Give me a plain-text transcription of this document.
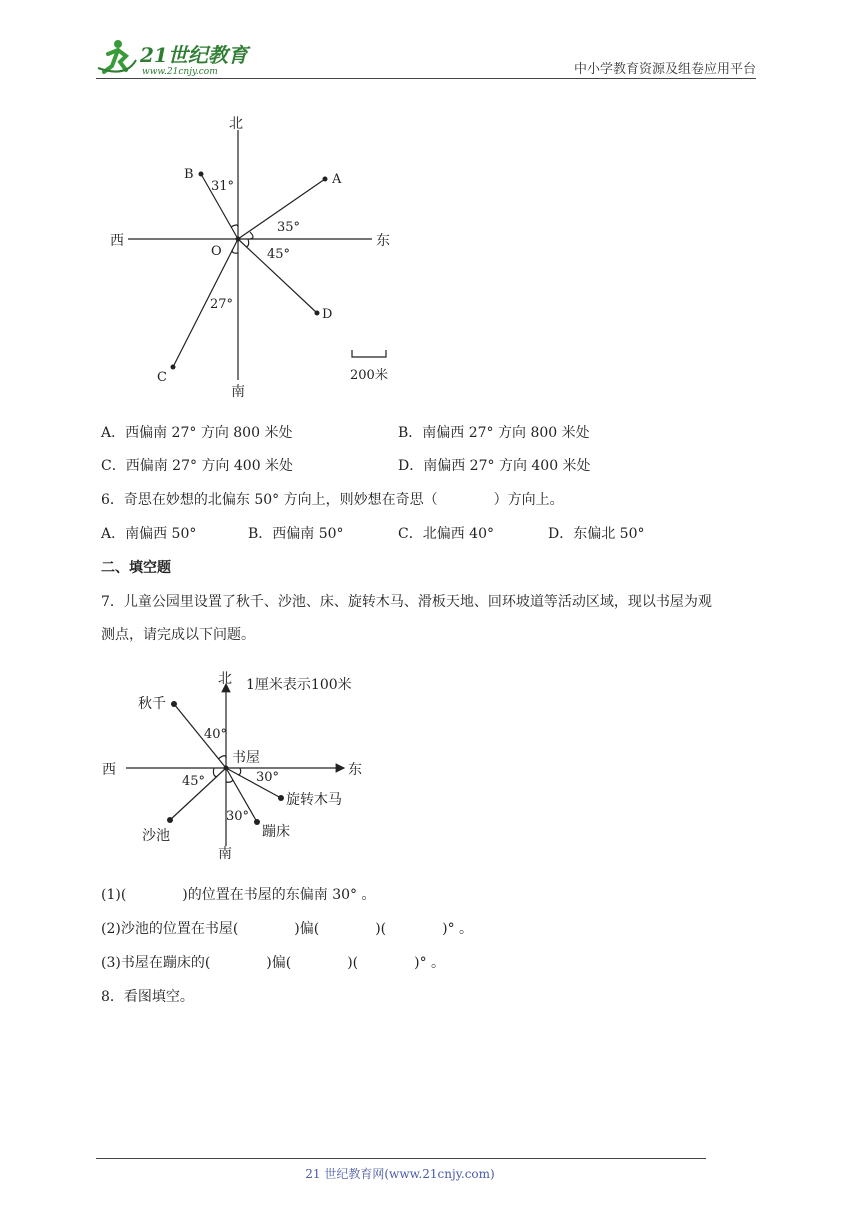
21世纪教育
www.21cnjy.com	中小学教育资源及组卷应用平台
北
南
西	东
O
A
B
C
D
31°
35°
45°
27°
200米
A．西偏南 27° 方向 800 米处	B．南偏西 27° 方向 800 米处
C．西偏南 27° 方向 400 米处	D．南偏西 27° 方向 400 米处
6．奇思在妙想的北偏东 50° 方向上，则妙想在奇思（　　　　）方向上。
A．南偏西 50°	B．西偏南 50°	C．北偏西 40°	D．东偏北 50°
二、填空题
7．儿童公园里设置了秋千、沙池、床、旋转木马、滑板天地、回环坡道等活动区域，现以书屋为观
测点，请完成以下问题。
北
南
西	东
1厘米表示100米
书屋
秋千
沙池
旋转木马
蹦床
40°
45°	30°
30°
(1)(　　　　)的位置在书屋的东偏南 30° 。
(2)沙池的位置在书屋(　　　　)偏(　　　　)(　　　　)° 。
(3)书屋在蹦床的(　　　　)偏(　　　　)(　　　　)° 。
8．看图填空。
21 世纪教育网(www.21cnjy.com)
